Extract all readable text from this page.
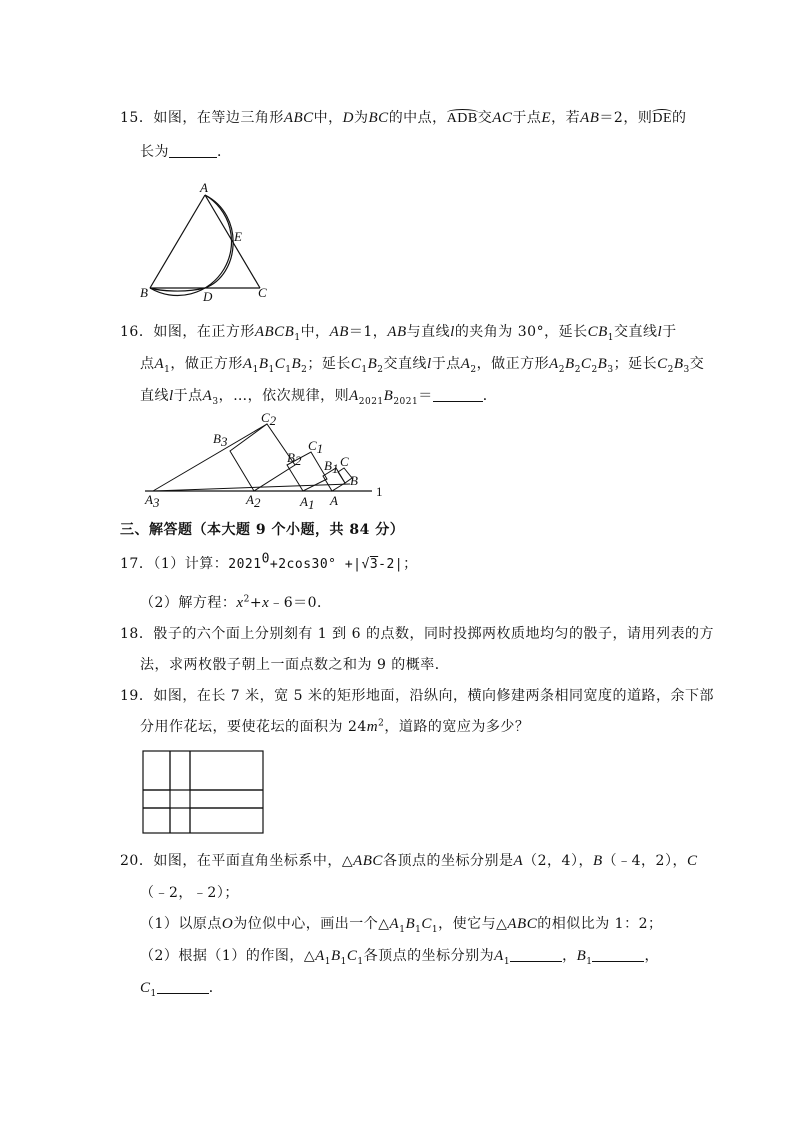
15．如图，在等边三角形ABC中，D为BC的中点，ADB交AC于点E，若AB＝2，则DE的
长为	．
A
B	C
D
E
16．如图，在正方形$ABCB_1$中，AB＝1，AB与直线l的夹角为 30°，延长$CB_1$交直线l于
点$A_1$，做正方形$A_1B_1C_1B_2$；延长$C_1B_2$交直线l于点$A_2$，做正方形$A_2B_2C_2B_3$；延长$C_2B_3$交
直线l于点$A_3$，…，依次规律，则$A_{2021}B_{2021}=$	．
A3	A2	A1 A
B
C
B1
C1
B2
C2
B3
1
三、解答题（本大题 9 个小题，共 84 分）
17．（1）计算：$2021^0+2\cos 30^\circ +|√3-2|$；
（2）解方程：$x^2+x﹣6=0$．
18．骰子的六个面上分别刻有 1 到 6 的点数，同时投掷两枚质地均匀的骰子，请用列表的方
法，求两枚骰子朝上一面点数之和为 9 的概率．
19．如图，在长 7 米，宽 5 米的矩形地面，沿纵向，横向修建两条相同宽度的道路，余下部
分用作花坛，要使花坛的面积为 $24m^2$，道路的宽应为多少？
20．如图，在平面直角坐标系中，△ABC各顶点的坐标分别是A（2，4），B（﹣4，2），C
（﹣2，﹣2）；
（1）以原点O为位似中心，画出一个$\triangle A_1B_1C_1$，使它与△ABC的相似比为 1：2；
（2）根据（1）的作图，$\triangle A_1B_1C_1$各顶点的坐标分别为$A_1$	，$B_1$	，
$C_1$	．
